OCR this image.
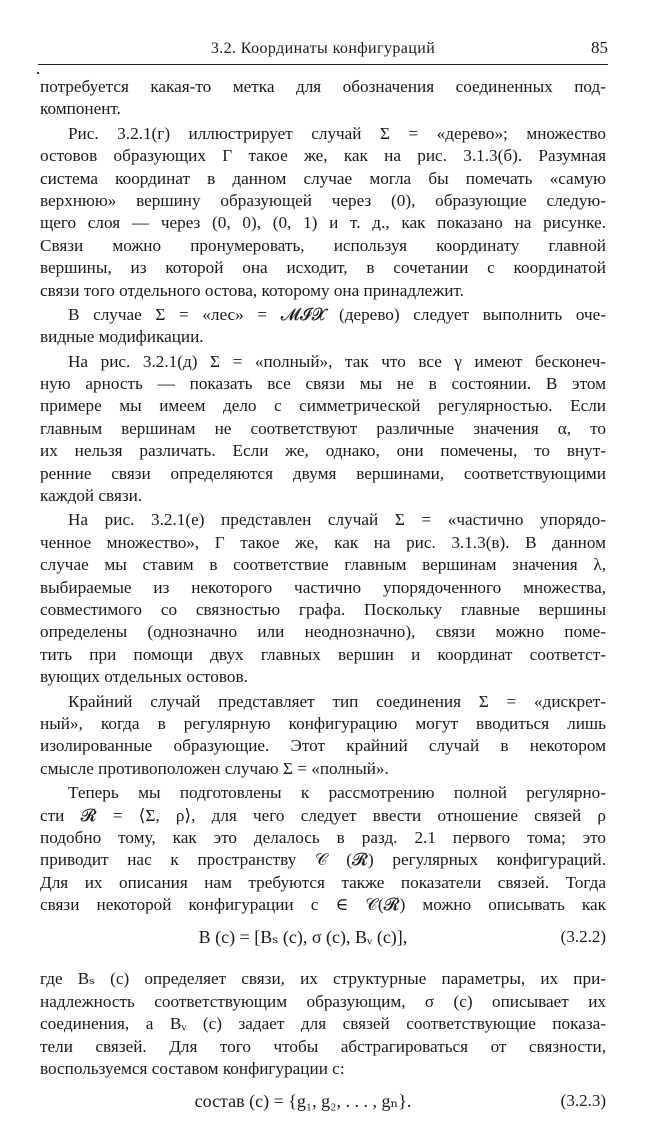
3.2. Координаты конфигураций	85
потребуется какая-то метка для обозначения соединенных под-
компонент.
Рис. 3.2.1(г) иллюстрирует случай Σ = «дерево»; множество
остовов образующих Γ такое же, как на рис. 3.1.3(б). Разумная
система координат в данном случае могла бы помечать «самую
верхнюю» вершину образующей через (0), образующие следую-
щего слоя — через (0, 0), (0, 1) и т. д., как показано на рисунке.
Связи можно пронумеровать, используя координату главной
вершины, из которой она исходит, в сочетании с координатой
связи того отдельного остова, которому она принадлежит.
В случае Σ = «лес» = 𝓜𝓘𝓧 (дерево) следует выполнить оче-
видные модификации.
На рис. 3.2.1(д) Σ = «полный», так что все γ имеют бесконеч-
ную арность — показать все связи мы не в состоянии. В этом
примере мы имеем дело с симметрической регулярностью. Если
главным вершинам не соответствуют различные значения α, то
их нельзя различать. Если же, однако, они помечены, то внут-
ренние связи определяются двумя вершинами, соответствующими
каждой связи.
На рис. 3.2.1(е) представлен случай Σ = «частично упорядо-
ченное множество», Γ такое же, как на рис. 3.1.3(в). В данном
случае мы ставим в соответствие главным вершинам значения λ,
выбираемые из некоторого частично упорядоченного множества,
совместимого со связностью графа. Поскольку главные вершины
определены (однозначно или неоднозначно), связи можно поме-
тить при помощи двух главных вершин и координат соответст-
вующих отдельных остовов.
Крайний случай представляет тип соединения Σ = «дискрет-
ный», когда в регулярную конфигурацию могут вводиться лишь
изолированные образующие. Этот крайний случай в некотором
смысле противоположен случаю Σ = «полный».
Теперь мы подготовлены к рассмотрению полной регулярно-
сти 𝓡 = ⟨Σ, ρ⟩, для чего следует ввести отношение связей ρ
подобно тому, как это делалось в разд. 2.1 первого тома; это
приводит нас к пространству 𝒞 (𝓡) регулярных конфигураций.
Для их описания нам требуются также показатели связей. Тогда
связи некоторой конфигурации c ∈ 𝒞(𝓡) можно описывать как
B (c) = [Bₛ (c), σ (c), Bᵥ (c)],	(3.2.2)
где Bₛ (c) определяет связи, их структурные параметры, их при-
надлежность соответствующим образующим, σ (c) описывает их
соединения, а Bᵥ (c) задает для связей соответствующие показа-
тели связей. Для того чтобы абстрагироваться от связности,
воспользуемся составом конфигурации c:
состав (c) = {g₁, g₂, . . . , gₙ}.	(3.2.3)
